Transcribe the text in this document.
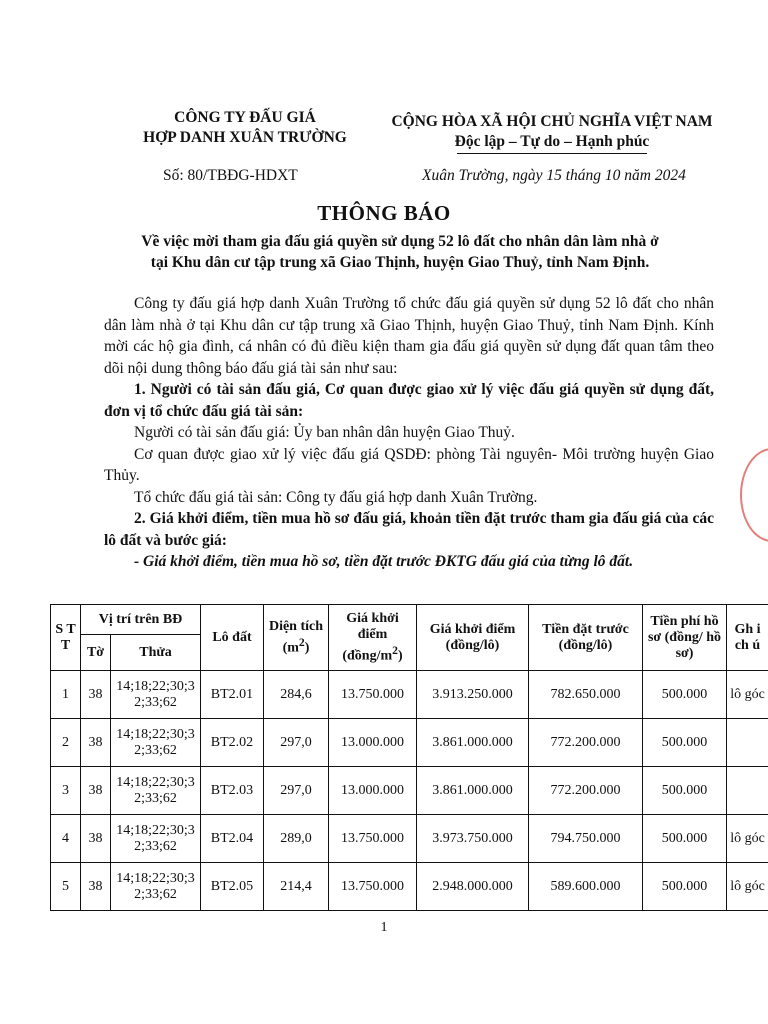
CÔNG TY ĐẤU GIÁ
HỢP DANH XUÂN TRƯỜNG
CỘNG HÒA XÃ HỘI CHỦ NGHĨA VIỆT NAM
Độc lập – Tự do – Hạnh phúc
Số: 80/TBĐG-HDXT	Xuân Trường, ngày 15 tháng 10 năm 2024
THÔNG BÁO
Về việc mời tham gia đấu giá quyền sử dụng 52 lô đất cho nhân dân làm nhà ở
tại Khu dân cư tập trung xã Giao Thịnh, huyện Giao Thuỷ, tỉnh Nam Định.

Công ty đấu giá hợp danh Xuân Trường tổ chức đấu giá quyền sử dụng 52 lô đất cho nhân dân làm nhà ở tại Khu dân cư tập trung xã Giao Thịnh, huyện Giao Thuỷ, tỉnh Nam Định. Kính mời các hộ gia đình, cá nhân có đủ điều kiện tham gia đấu giá quyền sử dụng đất quan tâm theo dõi nội dung thông báo đấu giá tài sản như sau:

1. Người có tài sản đấu giá, Cơ quan được giao xử lý việc đấu giá quyền sử dụng đất, đơn vị tổ chức đấu giá tài sản:

Người có tài sản đấu giá: Ủy ban nhân dân huyện Giao Thuỷ.

Cơ quan được giao xử lý việc đấu giá QSDĐ: phòng Tài nguyên- Môi trường huyện Giao Thủy.

Tổ chức đấu giá tài sản: Công ty đấu giá hợp danh Xuân Trường.

2. Giá khởi điểm, tiền mua hồ sơ đấu giá, khoản tiền đặt trước tham gia đấu giá của các lô đất và bước giá:

- Giá khởi điểm, tiền mua hồ sơ, tiền đặt trước ĐKTG đấu giá của từng lô đất.

S T T	Vị trí trên BĐ		Lô đất	Diện tích $(m^2)$	Giá khởi điểm $(đồng/m^2)$	Giá khởi điểm (đồng/lô)	Tiền đặt trước (đồng/lô)	Tiền phí hồ sơ (đồng/ hồ sơ)	Gh i ch ú
	Tờ	Thửa							
1	38	14;18;22;30;32;33;62	BT2.01	284,6	13.750.000	3.913.250.000	782.650.000	500.000	lô góc
2	38	14;18;22;30;32;33;62	BT2.02	297,0	13.000.000	3.861.000.000	772.200.000	500.000	
3	38	14;18;22;30;32;33;62	BT2.03	297,0	13.000.000	3.861.000.000	772.200.000	500.000	
4	38	14;18;22;30;32;33;62	BT2.04	289,0	13.750.000	3.973.750.000	794.750.000	500.000	lô góc
5	38	14;18;22;30;32;33;62	BT2.05	214,4	13.750.000	2.948.000.000	589.600.000	500.000	lô góc
1
